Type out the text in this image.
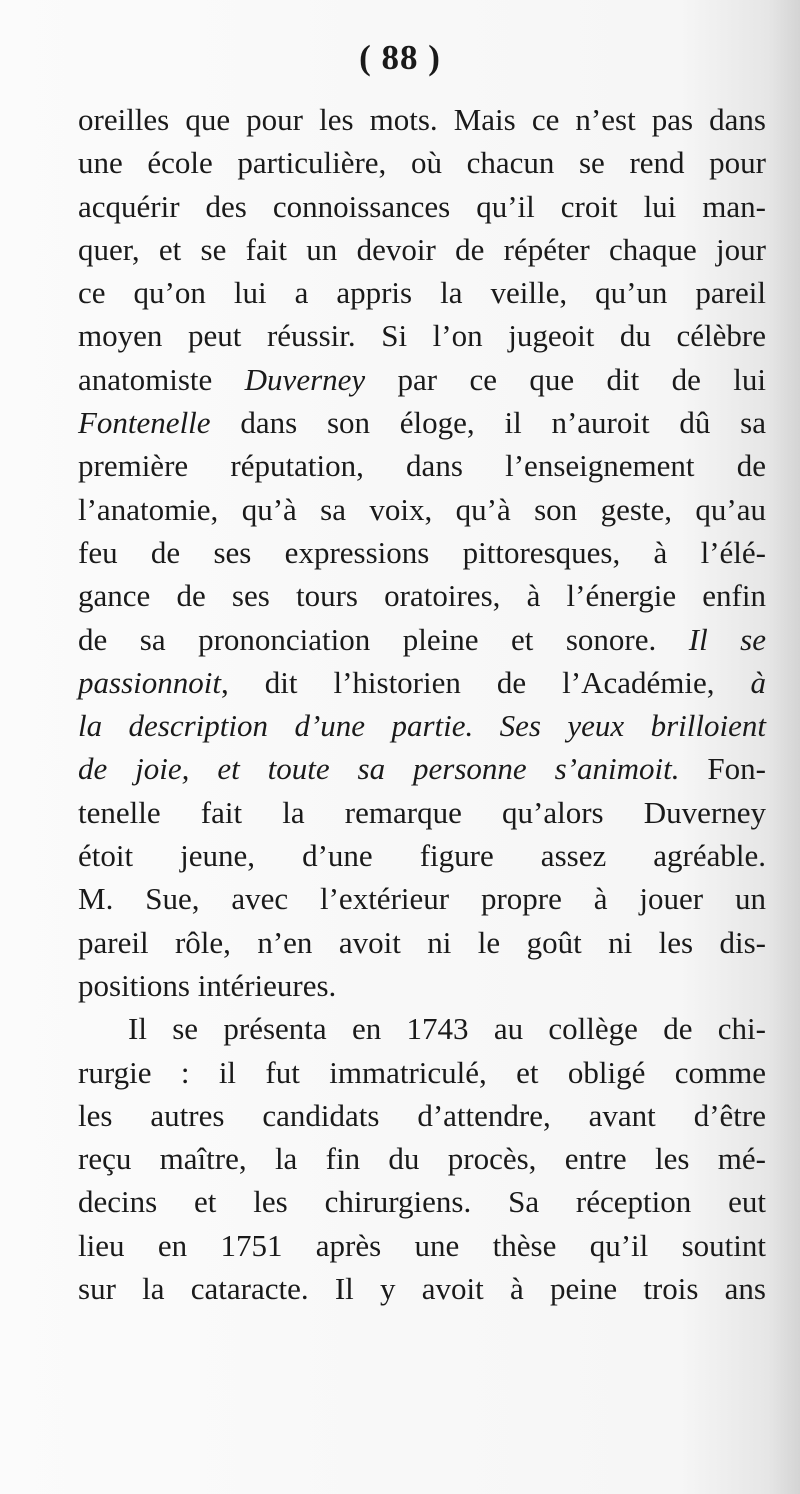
( 88 )
oreilles que pour les mots. Mais ce n’est pas dans
une école particulière, où chacun se rend pour
acquérir des connoissances qu’il croit lui man-
quer, et se fait un devoir de répéter chaque jour
ce qu’on lui a appris la veille, qu’un pareil
moyen peut réussir. Si l’on jugeoit du célèbre
anatomiste Duverney par ce que dit de lui
Fontenelle dans son éloge, il n’auroit dû sa
première réputation, dans l’enseignement de
l’anatomie, qu’à sa voix, qu’à son geste, qu’au
feu de ses expressions pittoresques, à l’élé-
gance de ses tours oratoires, à l’énergie enfin
de sa prononciation pleine et sonore. Il se
passionnoit, dit l’historien de l’Académie, à
la description d’une partie. Ses yeux brilloient
de joie, et toute sa personne s’animoit. Fon-
tenelle fait la remarque qu’alors Duverney
étoit jeune, d’une figure assez agréable.
M. Sue, avec l’extérieur propre à jouer un
pareil rôle, n’en avoit ni le goût ni les dis-
positions intérieures.
Il se présenta en 1743 au collège de chi-
rurgie : il fut immatriculé, et obligé comme
les autres candidats d’attendre, avant d’être
reçu maître, la fin du procès, entre les mé-
decins et les chirurgiens. Sa réception eut
lieu en 1751 après une thèse qu’il soutint
sur la cataracte. Il y avoit à peine trois ans
